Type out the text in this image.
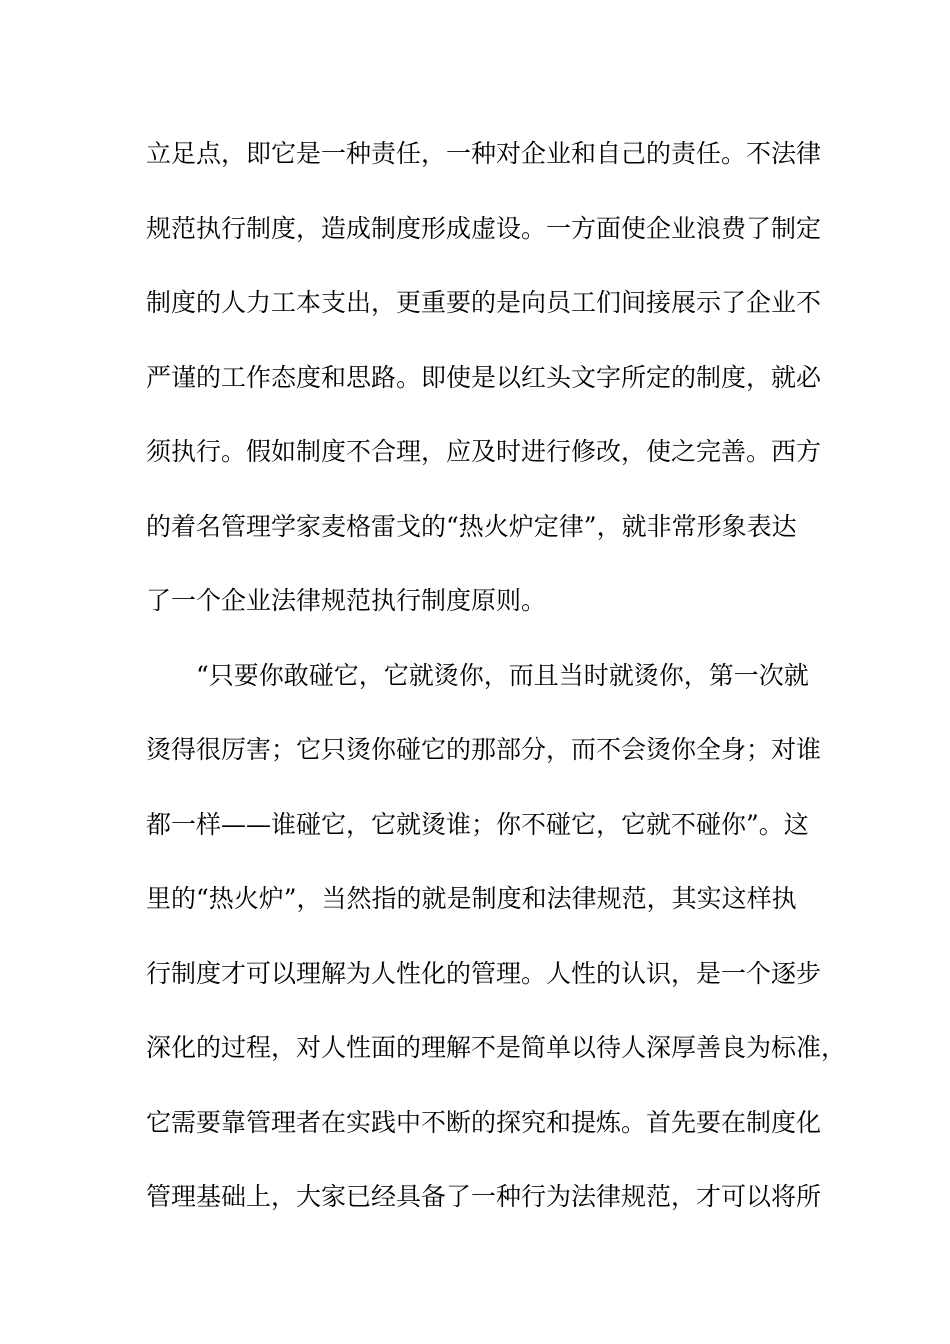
立足点，即它是一种责任，一种对企业和自己的责任。不法律
规范执行制度，造成制度形成虚设。一方面使企业浪费了制定
制度的人力工本支出，更重要的是向员工们间接展示了企业不
严谨的工作态度和思路。即使是以红头文字所定的制度，就必
须执行。假如制度不合理，应及时进行修改，使之完善。西方
的着名管理学家麦格雷戈的“热火炉定律”，就非常形象表达
了一个企业法律规范执行制度原则。
“只要你敢碰它，它就烫你，而且当时就烫你，第一次就
烫得很厉害；它只烫你碰它的那部分，而不会烫你全身；对谁
都一样——谁碰它，它就烫谁；你不碰它，它就不碰你”。这
里的“热火炉”，当然指的就是制度和法律规范，其实这样执
行制度才可以理解为人性化的管理。人性的认识，是一个逐步
深化的过程，对人性面的理解不是简单以待人深厚善良为标准，
它需要靠管理者在实践中不断的探究和提炼。首先要在制度化
管理基础上，大家已经具备了一种行为法律规范，才可以将所
